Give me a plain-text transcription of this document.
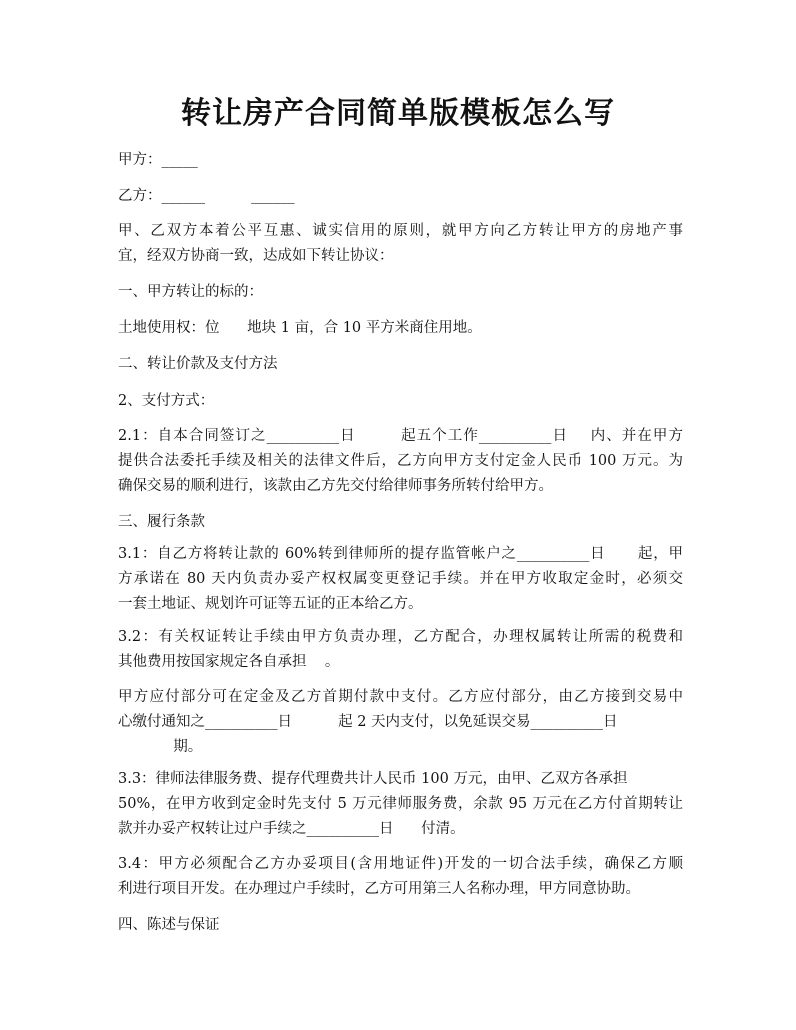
转让房产合同简单版模板怎么写
甲方：_____
乙方：______          ______
甲、乙双方本着公平互惠、诚实信用的原则，就甲方向乙方转让甲方的房地产事
宜，经双方协商一致，达成如下转让协议：
一、甲方转让的标的：
土地使用权：位      地块 1 亩，合 10 平方米商住用地。
二、转让价款及支付方法
2、支付方式：
2.1：自本合同签订之__________日        起五个工作__________日    内、并在甲方
提供合法委托手续及相关的法律文件后，乙方向甲方支付定金人民币 100 万元。为
确保交易的顺利进行，该款由乙方先交付给律师事务所转付给甲方。
三、履行条款
3.1：自乙方将转让款的 60%转到律师所的提存监管帐户之__________日      起，甲
方承诺在 80 天内负责办妥产权权属变更登记手续。并在甲方收取定金时，必须交
一套土地证、规划许可证等五证的正本给乙方。
3.2：有关权证转让手续由甲方负责办理，乙方配合，办理权属转让所需的税费和
其他费用按国家规定各自承担    。
甲方应付部分可在定金及乙方首期付款中支付。乙方应付部分，由乙方接到交易中
心缴付通知之__________日          起 2 天内支付，以免延误交易__________日
期。
3.3：律师法律服务费、提存代理费共计人民币 100 万元，由甲、乙双方各承担
50%，在甲方收到定金时先支付 5 万元律师服务费，余款 95 万元在乙方付首期转让
款并办妥产权转让过户手续之__________日      付清。
3.4：甲方必须配合乙方办妥项目(含用地证件)开发的一切合法手续，确保乙方顺
利进行项目开发。在办理过户手续时，乙方可用第三人名称办理，甲方同意协助。
四、陈述与保证
